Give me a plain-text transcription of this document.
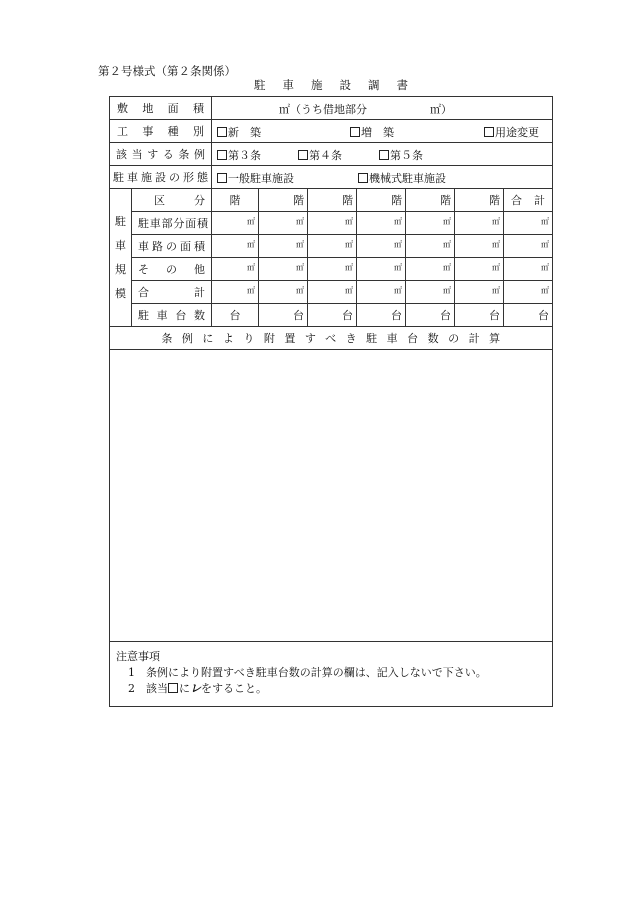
第２号様式（第２条関係）
駐車施設調書
敷地面積		㎡ （うち借地部分 ㎡ ）						

工事種別		新　築 増　築 用途変更						

該当する条例		第３条 第４条 第５条						

駐車施設の形態		一般駐車施設 機械式駐車施設						

駐
車
規
模	区 分	階	階	階	階	階	階	合 計

	駐車部分面積	㎡	㎡	㎡	㎡	㎡	㎡	㎡
	車路の面積	㎡	㎡	㎡	㎡	㎡	㎡	㎡
	その他	㎡	㎡	㎡	㎡	㎡	㎡	㎡
	合計	㎡	㎡	㎡	㎡	㎡	㎡	㎡
	駐車台数	台	台	台	台	台	台	台
条例により附置すべき駐車台数の計算								

注意事項
1 条例により附置すべき駐車台数の計算の欄は、記入しないで下さい。
2 該当 にレをすること。								
